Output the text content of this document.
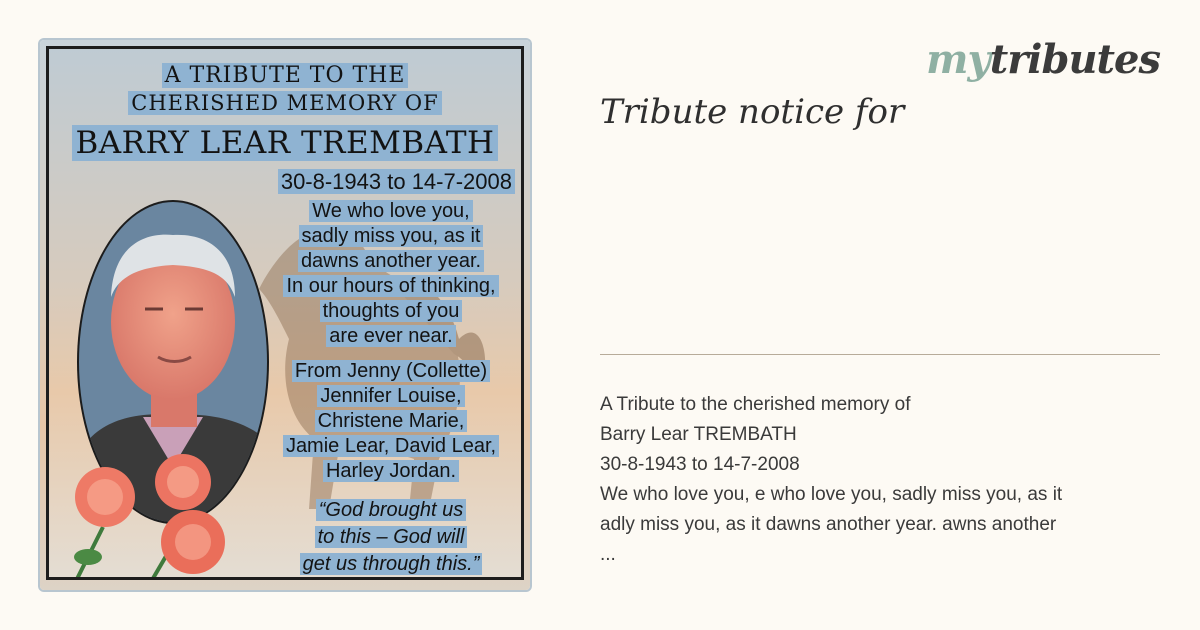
A TRIBUTE TO THE
CHERISHED MEMORY OF
BARRY LEAR TREMBATH
30-8-1943 to 14-7-2008
We who love you,
sadly miss you, as it
dawns another year.
In our hours of thinking,
thoughts of you
are ever near.
From Jenny (Collette)
Jennifer Louise,
Christene Marie,
Jamie Lear, David Lear,
Harley Jordan.
“God brought us
to this – God will
get us through this.”
mytributes
Tribute notice for
A Tribute to the cherished memory of
Barry Lear TREMBATH
30-8-1943 to 14-7-2008
We who love you, e who love you, sadly miss you, as it
adly miss you, as it dawns another year. awns another
...
